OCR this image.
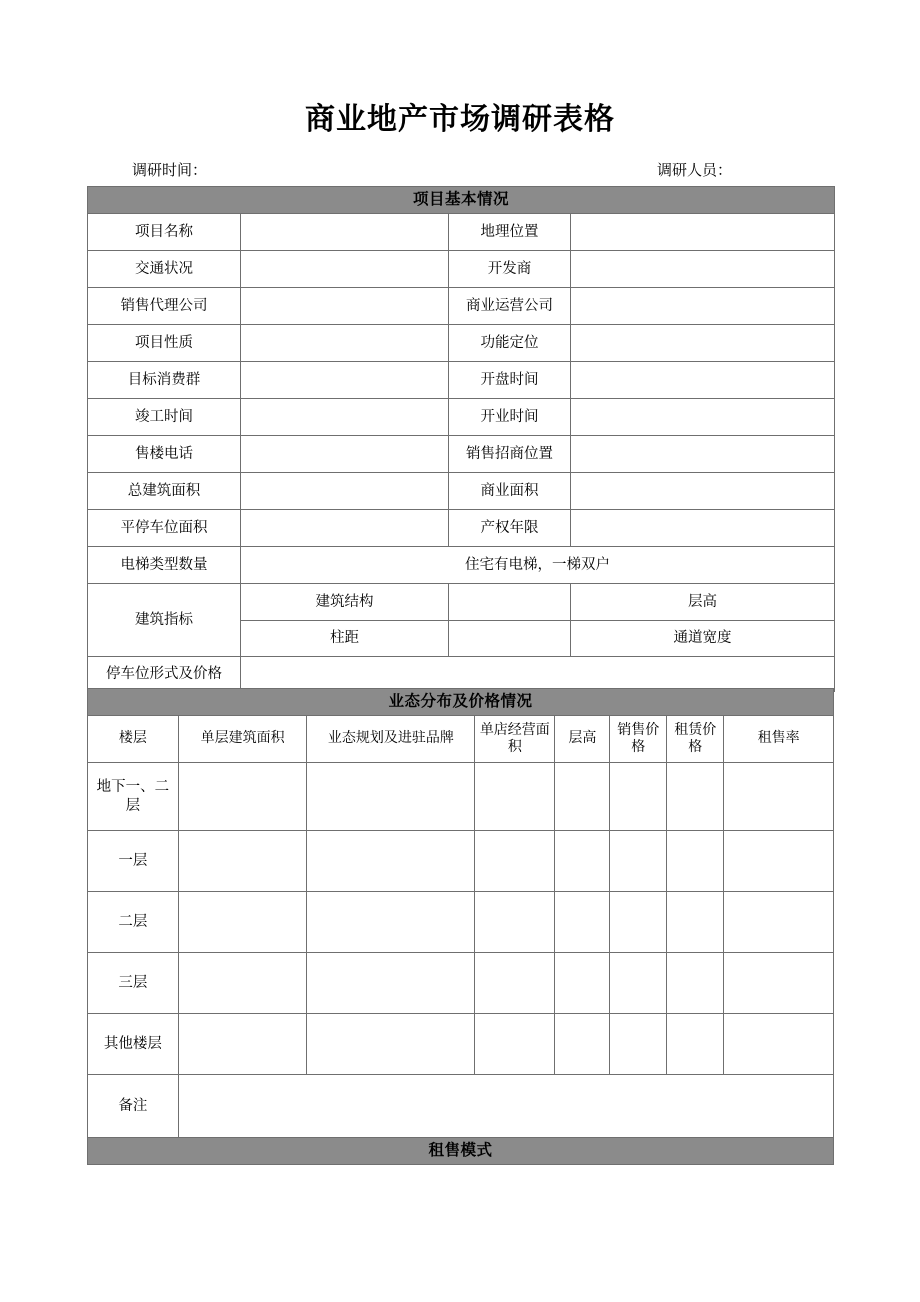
商业地产市场调研表格
调研时间：	调研人员：
项目基本情况				
项目名称		地理位置		
交通状况		开发商		
销售代理公司		商业运营公司		
项目性质		功能定位		
目标消费群		开盘时间		
竣工时间		开业时间		
售楼电话		销售招商位置		
总建筑面积		商业面积		
平停车位面积		产权年限		
电梯类型数量	住宅有电梯，一梯双户			
建筑指标	建筑结构		层高	
	柱距		通道宽度	
停车位形式及价格				
业态分布及价格情况							
楼层	单层建筑面积	业态规划及进驻品牌	单店经营面积	层高	销售价格	租赁价格	租售率
地下一、二层							
一层							
二层							
三层							
其他楼层							
备注							
租售模式							
